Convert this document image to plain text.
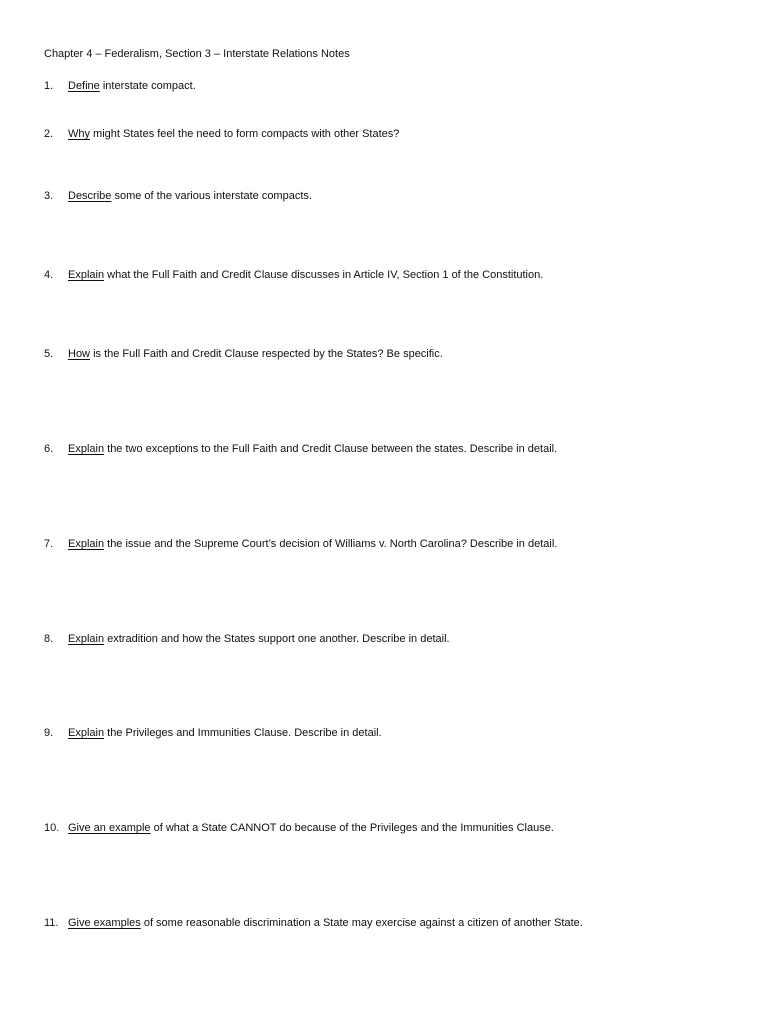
Chapter 4 – Federalism, Section 3 – Interstate Relations Notes
1. Define interstate compact.
2. Why might States feel the need to form compacts with other States?
3. Describe some of the various interstate compacts.
4. Explain what the Full Faith and Credit Clause discusses in Article IV, Section 1 of the Constitution.
5. How is the Full Faith and Credit Clause respected by the States? Be specific.
6. Explain the two exceptions to the Full Faith and Credit Clause between the states. Describe in detail.
7. Explain the issue and the Supreme Court’s decision of Williams v. North Carolina? Describe in detail.
8. Explain extradition and how the States support one another. Describe in detail.
9. Explain the Privileges and Immunities Clause. Describe in detail.
10. Give an example of what a State CANNOT do because of the Privileges and the Immunities Clause.
11. Give examples of some reasonable discrimination a State may exercise against a citizen of another State.
